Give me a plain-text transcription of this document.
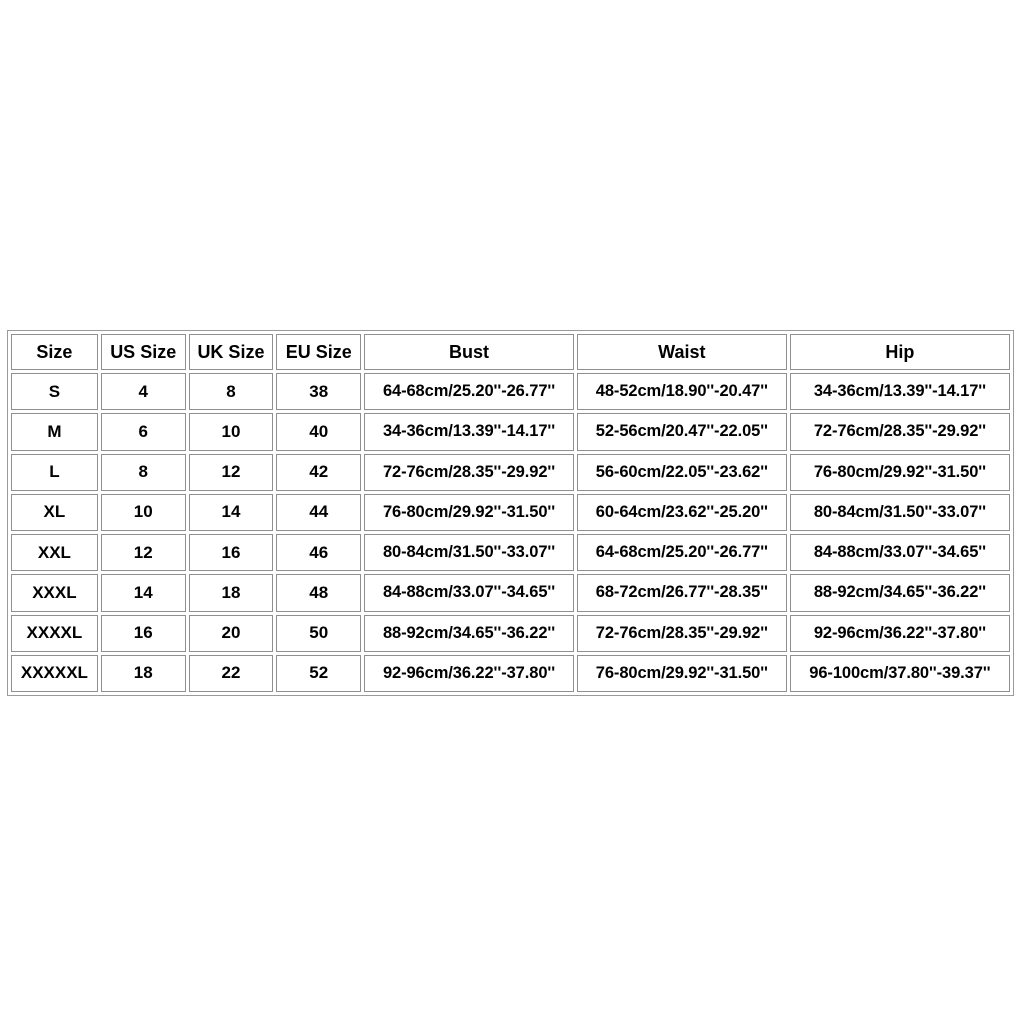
Size	US Size	UK Size	EU Size	Bust	Waist	Hip
S	4	8	38	64-68cm/25.20''-26.77''	48-52cm/18.90''-20.47''	34-36cm/13.39''-14.17''
M	6	10	40	34-36cm/13.39''-14.17''	52-56cm/20.47''-22.05''	72-76cm/28.35''-29.92''
L	8	12	42	72-76cm/28.35''-29.92''	56-60cm/22.05''-23.62''	76-80cm/29.92''-31.50''
XL	10	14	44	76-80cm/29.92''-31.50''	60-64cm/23.62''-25.20''	80-84cm/31.50''-33.07''
XXL	12	16	46	80-84cm/31.50''-33.07''	64-68cm/25.20''-26.77''	84-88cm/33.07''-34.65''
XXXL	14	18	48	84-88cm/33.07''-34.65''	68-72cm/26.77''-28.35''	88-92cm/34.65''-36.22''
XXXXL	16	20	50	88-92cm/34.65''-36.22''	72-76cm/28.35''-29.92''	92-96cm/36.22''-37.80''
XXXXXL	18	22	52	92-96cm/36.22''-37.80''	76-80cm/29.92''-31.50''	96-100cm/37.80''-39.37''
